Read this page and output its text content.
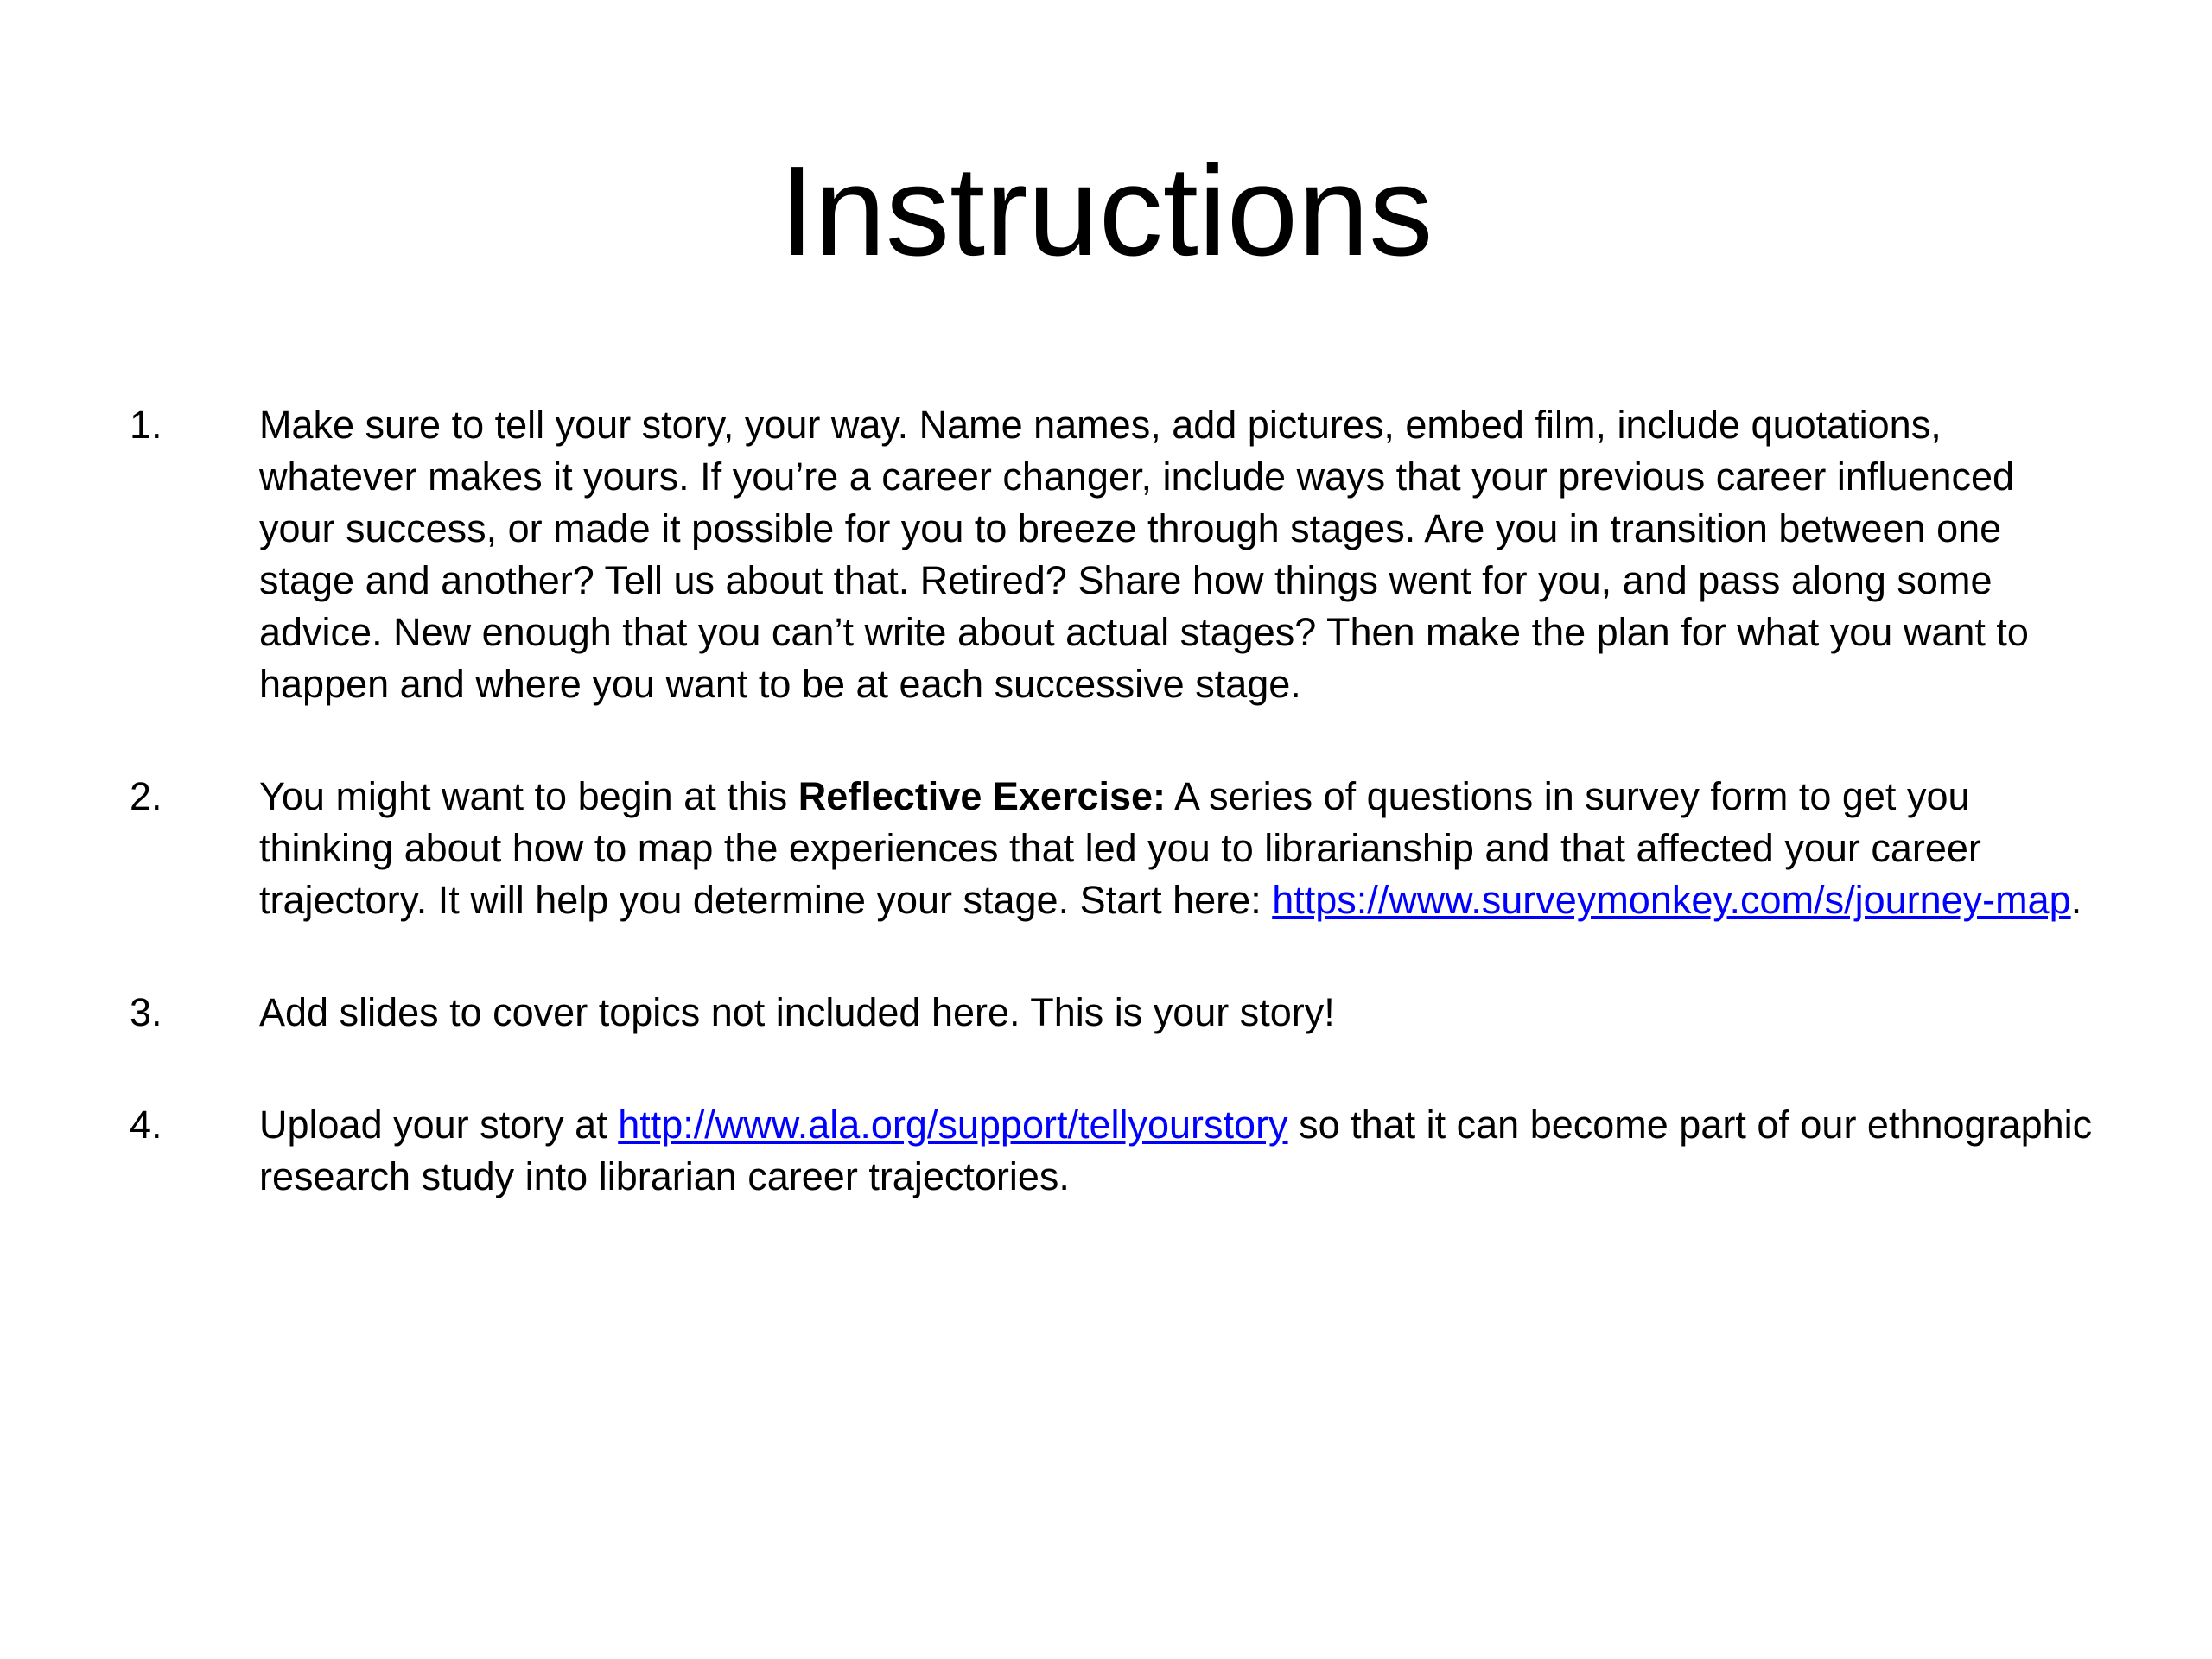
Instructions
1.	Make sure to tell your story, your way. Name names, add pictures, embed film, include quotations, whatever makes it yours. If you’re a career changer, include ways that your previous career influenced your success, or made it possible for you to breeze through stages. Are you in transition between one stage and another? Tell us about that. Retired? Share how things went for you, and pass along some advice. New enough that you can’t write about actual stages? Then make the plan for what you want to happen and where you want to be at each successive stage.
2.	You might want to begin at this Reflective Exercise: A series of questions in survey form to get you thinking about how to map the experiences that led you to librarianship and that affected your career trajectory. It will help you determine your stage. Start here: https://www.surveymonkey.com/s/journey-map.
3.	Add slides to cover topics not included here. This is your story!
4.	Upload your story at http://www.ala.org/support/tellyourstory so that it can become part of our ethnographic research study into librarian career trajectories.
